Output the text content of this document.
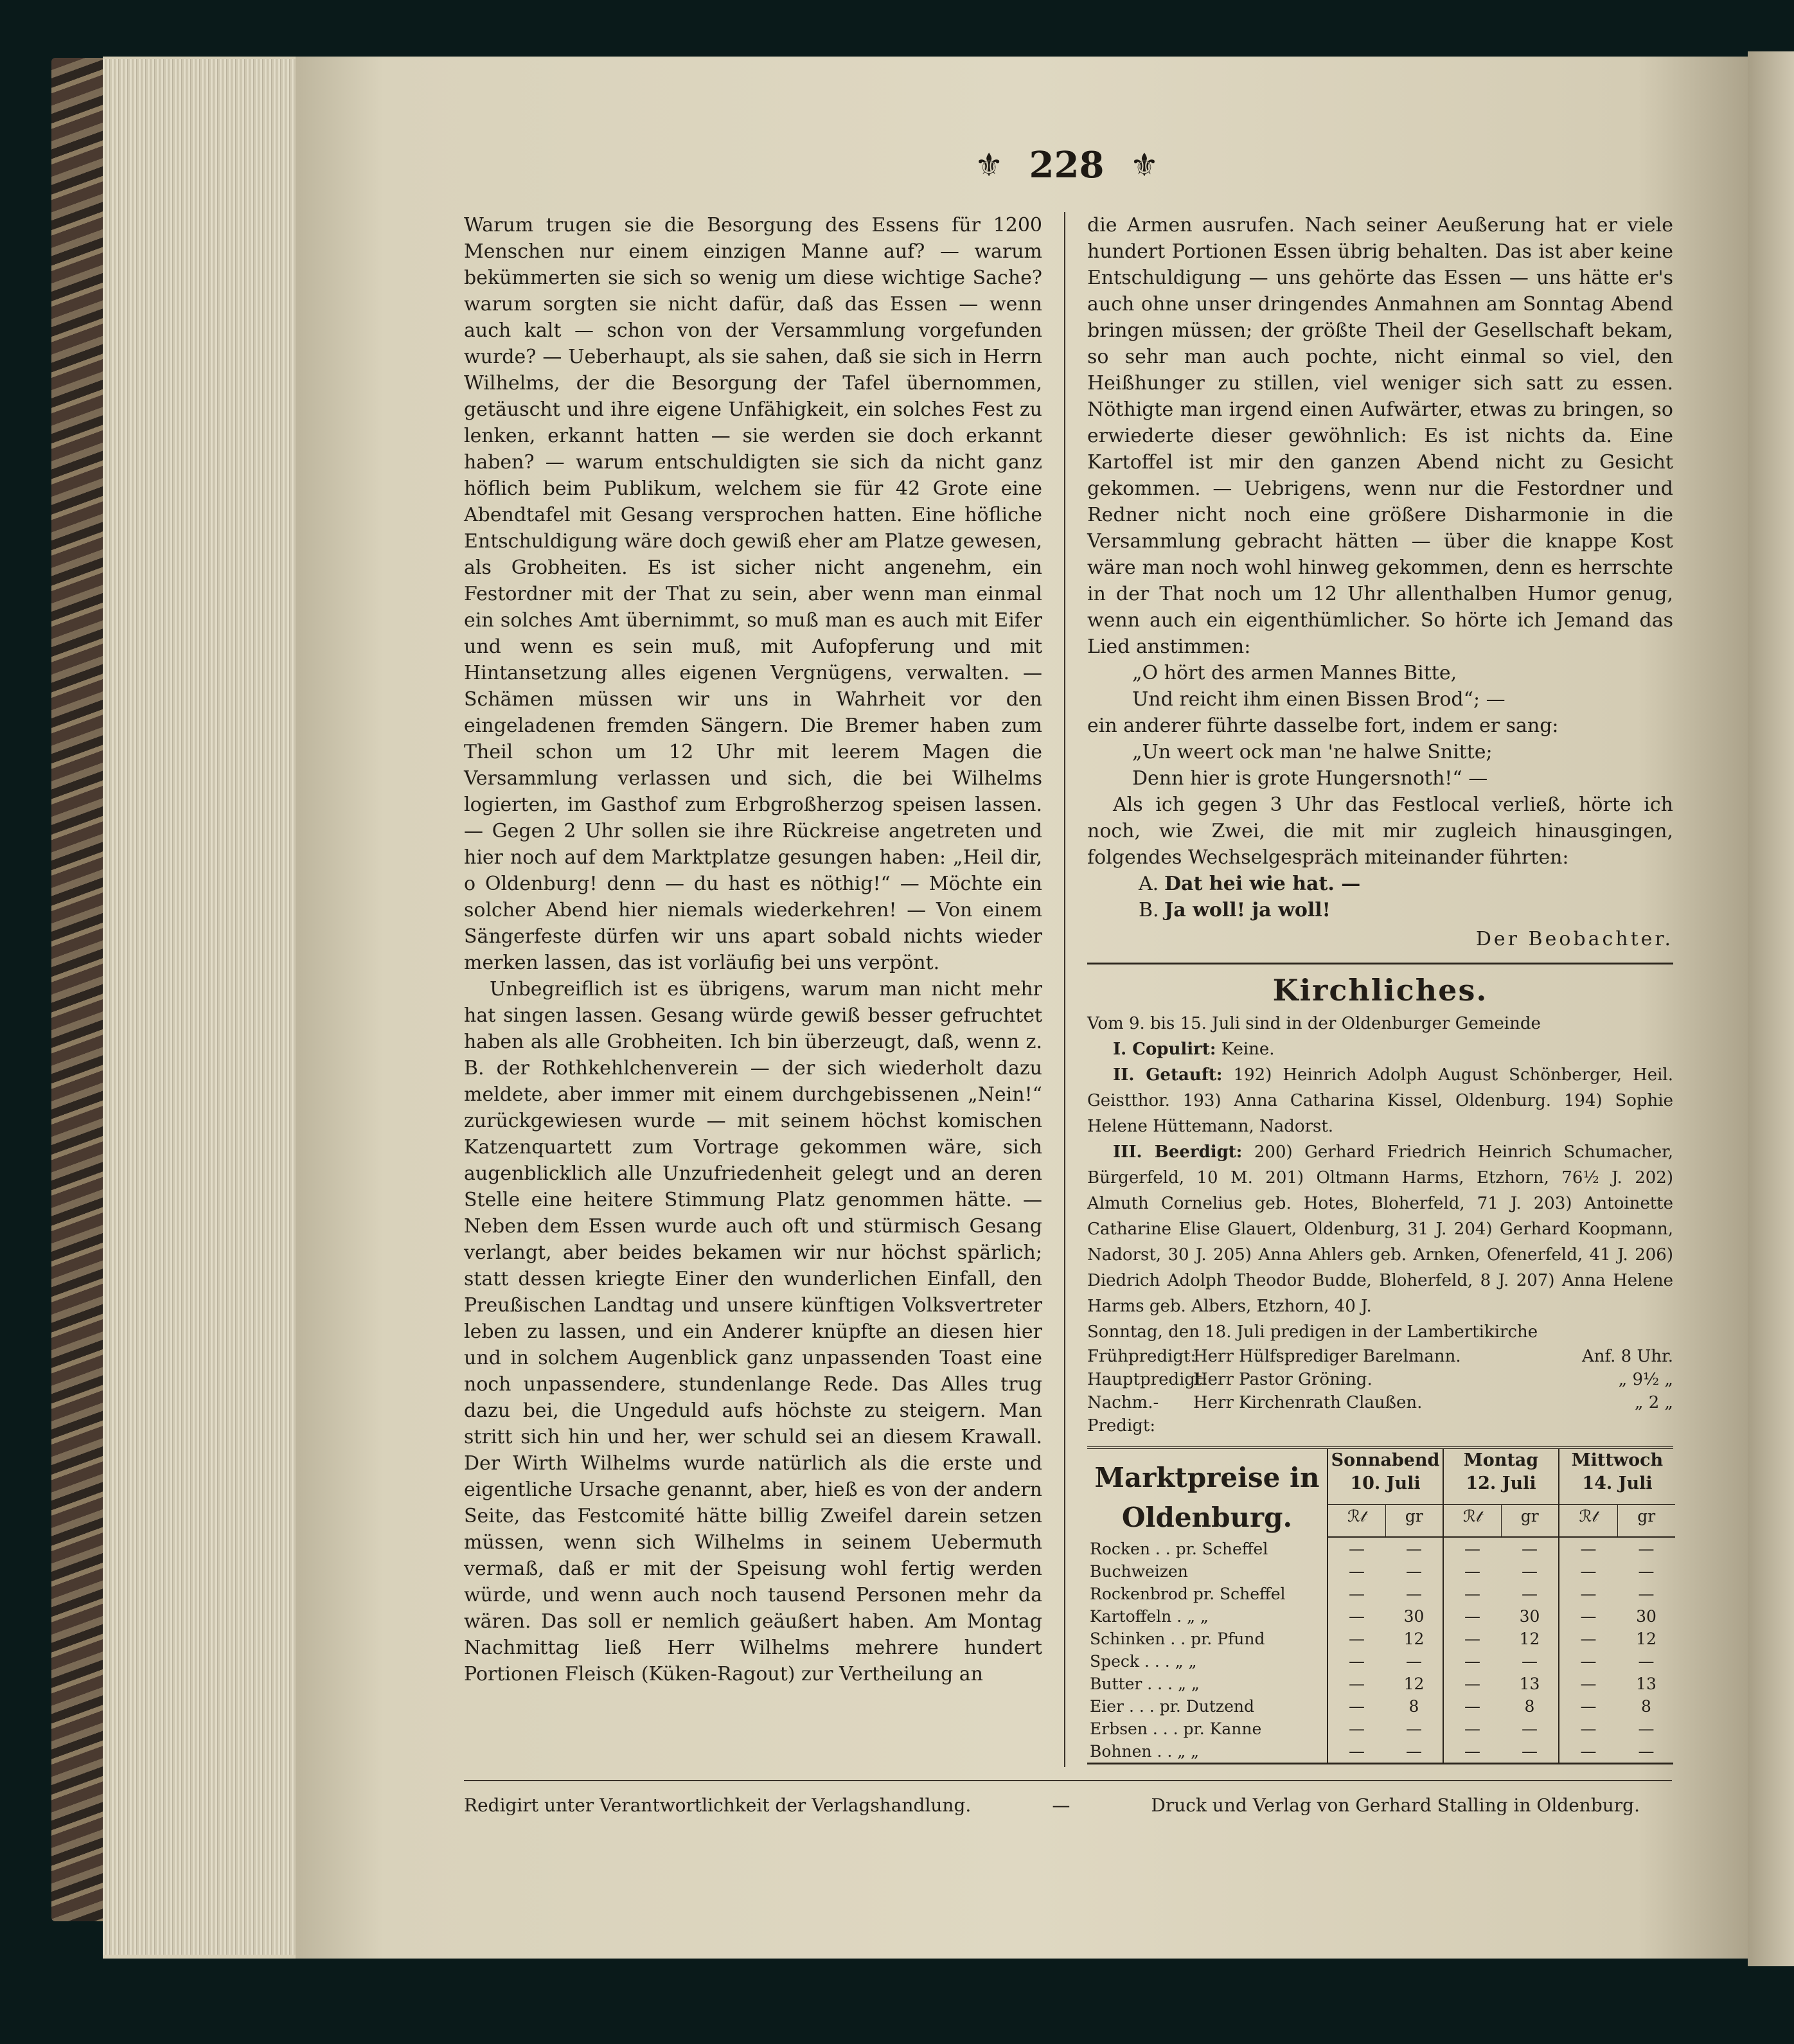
⚜ 228 ⚜

Warum trugen sie die Besorgung des Essens für 1200 Menschen nur einem einzigen Manne auf? — warum bekümmerten sie sich so wenig um diese wichtige Sache? warum sorgten sie nicht dafür, daß das Essen — wenn auch kalt — schon von der Versammlung vorgefunden wurde? — Ueberhaupt, als sie sahen, daß sie sich in Herrn Wilhelms, der die Besorgung der Tafel übernommen, getäuscht und ihre eigene Unfähigkeit, ein solches Fest zu lenken, erkannt hatten — sie werden sie doch erkannt haben? — warum entschuldigten sie sich da nicht ganz höflich beim Publikum, welchem sie für 42 Grote eine Abendtafel mit Gesang versprochen hatten. Eine höfliche Entschuldigung wäre doch gewiß eher am Platze gewesen, als Grobheiten. Es ist sicher nicht angenehm, ein Festordner mit der That zu sein, aber wenn man einmal ein solches Amt übernimmt, so muß man es auch mit Eifer und wenn es sein muß, mit Aufopferung und mit Hintansetzung alles eigenen Vergnügens, verwalten. — Schämen müssen wir uns in Wahrheit vor den eingeladenen fremden Sängern. Die Bremer haben zum Theil schon um 12 Uhr mit leerem Magen die Versammlung verlassen und sich, die bei Wilhelms logierten, im Gasthof zum Erbgroßherzog speisen lassen. — Gegen 2 Uhr sollen sie ihre Rückreise angetreten und hier noch auf dem Marktplatze gesungen haben: „Heil dir, o Oldenburg! denn — du hast es nöthig!“ — Möchte ein solcher Abend hier niemals wiederkehren! — Von einem Sängerfeste dürfen wir uns apart sobald nichts wieder merken lassen, das ist vorläufig bei uns verpönt.

Unbegreiflich ist es übrigens, warum man nicht mehr hat singen lassen. Gesang würde gewiß besser gefruchtet haben als alle Grobheiten. Ich bin überzeugt, daß, wenn z. B. der Rothkehlchenverein — der sich wiederholt dazu meldete, aber immer mit einem durchgebissenen „Nein!“ zurückgewiesen wurde — mit seinem höchst komischen Katzenquartett zum Vortrage gekommen wäre, sich augenblicklich alle Unzufriedenheit gelegt und an deren Stelle eine heitere Stimmung Platz genommen hätte. — Neben dem Essen wurde auch oft und stürmisch Gesang verlangt, aber beides bekamen wir nur höchst spärlich; statt dessen kriegte Einer den wunderlichen Einfall, den Preußischen Landtag und unsere künftigen Volksvertreter leben zu lassen, und ein Anderer knüpfte an diesen hier und in solchem Augenblick ganz unpassenden Toast eine noch unpassendere, stundenlange Rede. Das Alles trug dazu bei, die Ungeduld aufs höchste zu steigern. Man stritt sich hin und her, wer schuld sei an diesem Krawall. Der Wirth Wilhelms wurde natürlich als die erste und eigentliche Ursache genannt, aber, hieß es von der andern Seite, das Festcomité hätte billig Zweifel darein setzen müssen, wenn sich Wilhelms in seinem Uebermuth vermaß, daß er mit der Speisung wohl fertig werden würde, und wenn auch noch tausend Personen mehr da wären. Das soll er nemlich geäußert haben. Am Montag Nachmittag ließ Herr Wilhelms mehrere hundert Portionen Fleisch (Küken-Ragout) zur Vertheilung an

die Armen ausrufen. Nach seiner Aeußerung hat er viele hundert Portionen Essen übrig behalten. Das ist aber keine Entschuldigung — uns gehörte das Essen — uns hätte er's auch ohne unser dringendes Anmahnen am Sonntag Abend bringen müssen; der größte Theil der Gesellschaft bekam, so sehr man auch pochte, nicht einmal so viel, den Heißhunger zu stillen, viel weniger sich satt zu essen. Nöthigte man irgend einen Aufwärter, etwas zu bringen, so erwiederte dieser gewöhnlich: Es ist nichts da. Eine Kartoffel ist mir den ganzen Abend nicht zu Gesicht gekommen. — Uebrigens, wenn nur die Festordner und Redner nicht noch eine größere Disharmonie in die Versammlung gebracht hätten — über die knappe Kost wäre man noch wohl hinweg gekommen, denn es herrschte in der That noch um 12 Uhr allenthalben Humor genug, wenn auch ein eigenthümlicher. So hörte ich Jemand das Lied anstimmen:

„O hört des armen Mannes Bitte,

Und reicht ihm einen Bissen Brod“; —

ein anderer führte dasselbe fort, indem er sang:

„Un weert ock man 'ne halwe Snitte;

Denn hier is grote Hungersnoth!“ —

Als ich gegen 3 Uhr das Festlocal verließ, hörte ich noch, wie Zwei, die mit mir zugleich hinausgingen, folgendes Wechselgespräch miteinander führten:

A. Dat hei wie hat. —

B. Ja woll! ja woll!

Der Beobachter.

Kirchliches.

Vom 9. bis 15. Juli sind in der Oldenburger Gemeinde

I. Copulirt: Keine.

II. Getauft: 192) Heinrich Adolph August Schönberger, Heil. Geistthor. 193) Anna Catharina Kissel, Oldenburg. 194) Sophie Helene Hüttemann, Nadorst.

III. Beerdigt: 200) Gerhard Friedrich Heinrich Schumacher, Bürgerfeld, 10 M. 201) Oltmann Harms, Etzhorn, 76½ J. 202) Almuth Cornelius geb. Hotes, Bloherfeld, 71 J. 203) Antoinette Catharine Elise Glauert, Oldenburg, 31 J. 204) Gerhard Koopmann, Nadorst, 30 J. 205) Anna Ahlers geb. Arnken, Ofenerfeld, 41 J. 206) Diedrich Adolph Theodor Budde, Bloherfeld, 8 J. 207) Anna Helene Harms geb. Albers, Etzhorn, 40 J.

Sonntag, den 18. Juli predigen in der Lambertikirche

Frühpredigt:
Herr Hülfsprediger Barelmann.	Anf. 8 Uhr.
Hauptpredigt:
Herr Pastor Gröning.	„ 9½ „
Nachm.-Predigt:
Herr Kirchenrath Claußen.	„ 2 „
Marktpreise in
Oldenburg.
Sonnabend
10. Juli
Montag
12. Juli
Mittwoch
14. Juli
ℛ𝓉	gr	ℛ𝓉	gr	ℛ𝓉	gr
Rocken . . pr. Scheffel	—	—	—	—	—	—
Buchweizen	—	—	—	—	—	—
Rockenbrod pr. Scheffel	—	—	—	—	—	—
Kartoffeln . „ „	—	30	—	30	—	30
Schinken . . pr. Pfund	—	12	—	12	—	12
Speck . . . „ „	—	—	—	—	—	—
Butter . . . „ „	—	12	—	13	—	13
Eier . . . pr. Dutzend	—	8	—	8	—	8
Erbsen . . . pr. Kanne	—	—	—	—	—	—
Bohnen . . „ „	—	—	—	—	—	—
Redigirt unter Verantwortlichkeit der Verlagshandlung.	—	Druck und Verlag von Gerhard Stalling in Oldenburg.
